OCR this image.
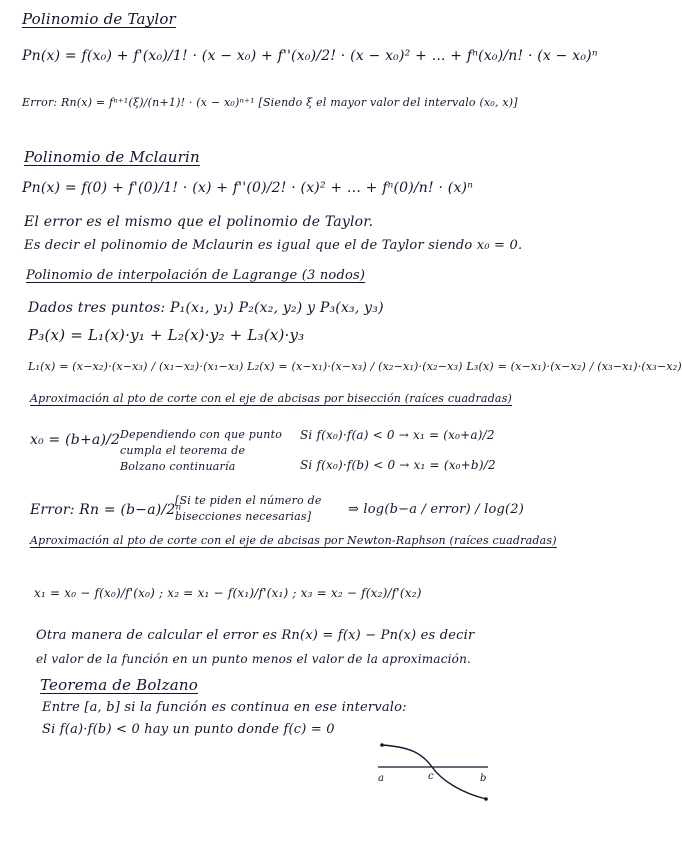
Polinomio de Taylor
Pn(x) = f(x₀) + f'(x₀)/1! · (x − x₀) + f''(x₀)/2! · (x − x₀)² + ... + fⁿ(x₀)/n! · (x − x₀)ⁿ
Error: Rn(x) = fⁿ⁺¹(ξ)/(n+1)! · (x − x₀)ⁿ⁺¹ [Siendo ξ el mayor valor del intervalo (x₀, x)]
Polinomio de Mclaurin
Pn(x) = f(0) + f'(0)/1! · (x) + f''(0)/2! · (x)² + ... + fⁿ(0)/n! · (x)ⁿ
El error es el mismo que el polinomio de Taylor.
Es decir el polinomio de Mclaurin es igual que el de Taylor siendo x₀ = 0.
Polinomio de interpolación de Lagrange (3 nodos)
Dados tres puntos: P₁(x₁, y₁) P₂(x₂, y₂) y P₃(x₃, y₃)
P₃(x) = L₁(x)·y₁ + L₂(x)·y₂ + L₃(x)·y₃
L₁(x) = (x−x₂)·(x−x₃) / (x₁−x₂)·(x₁−x₃) L₂(x) = (x−x₁)·(x−x₃) / (x₂−x₁)·(x₂−x₃) L₃(x) = (x−x₁)·(x−x₂) / (x₃−x₁)·(x₃−x₂)
Aproximación al pto de corte con el eje de abcisas por bisección (raíces cuadradas)
x₀ = (b+a)/2 Dependiendo con que punto
cumpla el teorema de
Bolzano continuaría
Si f(x₀)·f(a) < 0 → x₁ = (x₀+a)/2
Si f(x₀)·f(b) < 0 → x₁ = (x₀+b)/2
Error: Rn = (b−a)/2ⁿ
[Si te piden el número de
bisecciones necesarias]	⇒ log(b−a / error) / log(2)
Aproximación al pto de corte con el eje de abcisas por Newton-Raphson (raíces cuadradas)
x₁ = x₀ − f(x₀)/f'(x₀) ; x₂ = x₁ − f(x₁)/f'(x₁) ; x₃ = x₂ − f(x₂)/f'(x₂)
Otra manera de calcular el error es Rn(x) = f(x) − Pn(x) es decir
el valor de la función en un punto menos el valor de la aproximación.
Teorema de Bolzano
Entre [a, b] si la función es continua en ese intervalo:
Si f(a)·f(b) < 0 hay un punto donde f(c) = 0
a	c	b
